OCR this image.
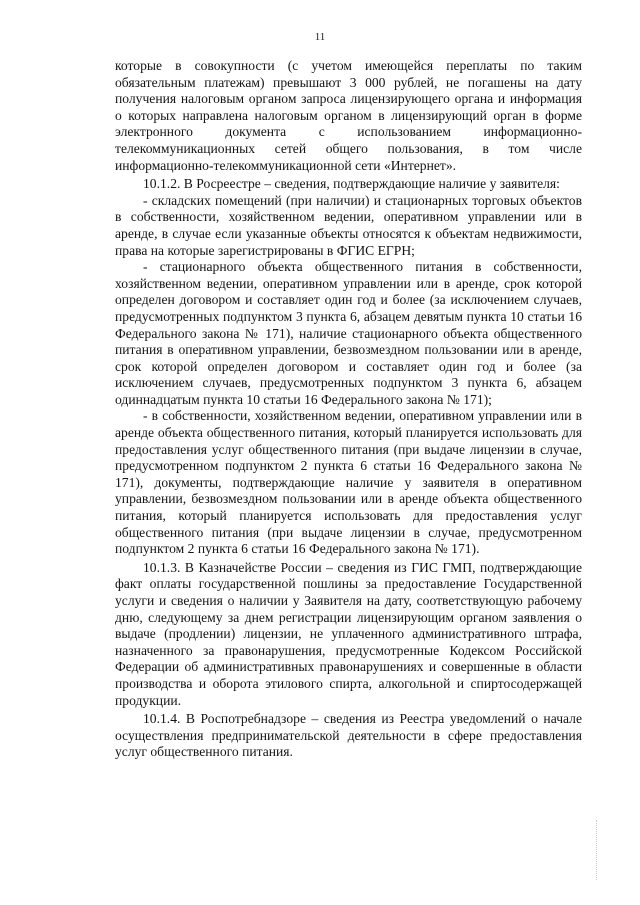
11

которые в совокупности (с учетом имеющейся переплаты по таким обязательным платежам) превышают 3 000 рублей, не погашены на дату получения налоговым органом запроса лицензирующего органа и информация о которых направлена налоговым органом в лицензирующий орган в форме электронного документа с использованием информационно-телекоммуникационных сетей общего пользования, в том числе информационно-телекоммуникационной сети «Интернет».

10.1.2. В Росреестре – сведения, подтверждающие наличие у заявителя:

- складских помещений (при наличии) и стационарных торговых объектов в собственности, хозяйственном ведении, оперативном управлении или в аренде, в случае если указанные объекты относятся к объектам недвижимости, права на которые зарегистрированы в ФГИС ЕГРН;

- стационарного объекта общественного питания в собственности, хозяйственном ведении, оперативном управлении или в аренде, срок которой определен договором и составляет один год и более (за исключением случаев, предусмотренных подпунктом 3 пункта 6, абзацем девятым пункта 10 статьи 16 Федерального закона № 171), наличие стационарного объекта общественного питания в оперативном управлении, безвозмездном пользовании или в аренде, срок которой определен договором и составляет один год и более (за исключением случаев, предусмотренных подпунктом 3 пункта 6, абзацем одиннадцатым пункта 10 статьи 16 Федерального закона № 171);

- в собственности, хозяйственном ведении, оперативном управлении или в аренде объекта общественного питания, который планируется использовать для предоставления услуг общественного питания (при выдаче лицензии в случае, предусмотренном подпунктом 2 пункта 6 статьи 16 Федерального закона № 171), документы, подтверждающие наличие у заявителя в оперативном управлении, безвозмездном пользовании или в аренде объекта общественного питания, который планируется использовать для предоставления услуг общественного питания (при выдаче лицензии в случае, предусмотренном подпунктом 2 пункта 6 статьи 16 Федерального закона № 171).

10.1.3. В Казначействе России – сведения из ГИС ГМП, подтверждающие факт оплаты государственной пошлины за предоставление Государственной услуги и сведения о наличии у Заявителя на дату, соответствующую рабочему дню, следующему за днем регистрации лицензирующим органом заявления о выдаче (продлении) лицензии, не уплаченного административного штрафа, назначенного за правонарушения, предусмотренные Кодексом Российской Федерации об административных правонарушениях и совершенные в области производства и оборота этилового спирта, алкогольной и спиртосодержащей продукции.

10.1.4. В Роспотребнадзоре – сведения из Реестра уведомлений о начале осуществления предпринимательской деятельности в сфере предоставления услуг общественного питания.
